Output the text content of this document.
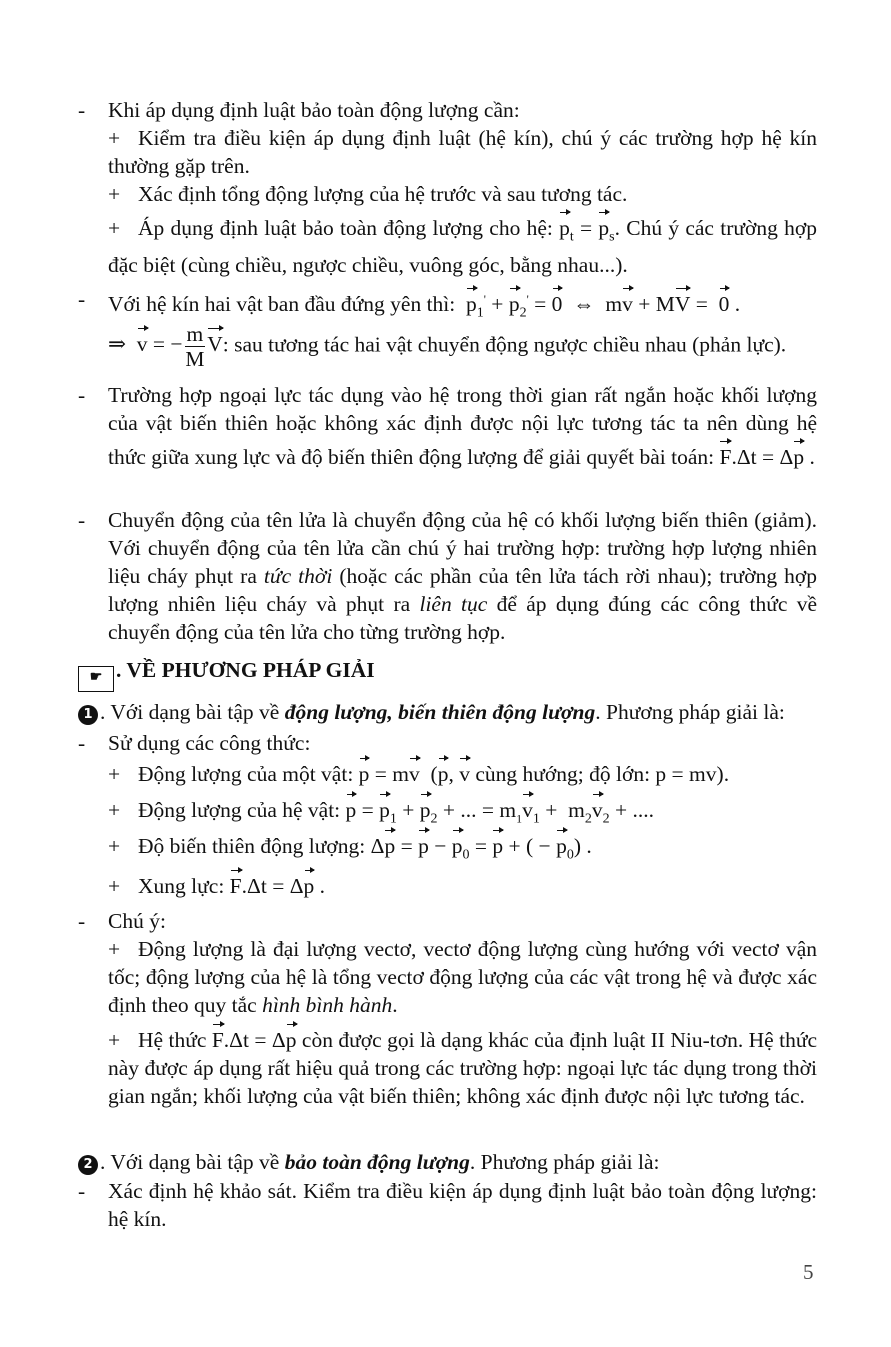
-	Khi áp dụng định luật bảo toàn động lượng cần:
+ Kiểm tra điều kiện áp dụng định luật (hệ kín), chú ý các trường hợp hệ kín thường gặp trên.
+ Xác định tổng động lượng của hệ trước và sau tương tác.
+ Áp dụng định luật bảo toàn động lượng cho hệ: $p_t = p_s$. Chú ý các trường hợp đặc biệt (cùng chiều, ngược chiều, vuông góc, bằng nhau...).
-	Với hệ kín hai vật ban đầu đứng yên thì: $p_1' + p_2' = 0$  ⇔  mv + MV =  0 .
⇒  v = − $\frac{m}{M} V$: sau tương tác hai vật chuyển động ngược chiều nhau (phản lực).
-	Trường hợp ngoại lực tác dụng vào hệ trong thời gian rất ngắn hoặc khối lượng của vật biến thiên hoặc không xác định được nội lực tương tác ta nên dùng hệ thức giữa xung lực và độ biến thiên động lượng để giải quyết bài toán: F.Δt = Δp .
-	Chuyển động của tên lửa là chuyển động của hệ có khối lượng biến thiên (giảm). Với chuyển động của tên lửa cần chú ý hai trường hợp: trường hợp lượng nhiên liệu cháy phụt ra tức thời (hoặc các phần của tên lửa tách rời nhau); trường hợp lượng nhiên liệu cháy và phụt ra liên tục để áp dụng đúng các công thức về chuyển động của tên lửa cho từng trường hợp.
☛ . VỀ PHƯƠNG PHÁP GIẢI
1 . Với dạng bài tập về động lượng, biến thiên động lượng. Phương pháp giải là:
-	Sử dụng các công thức:
+ Động lượng của một vật: p = mv  (p, v cùng hướng; độ lớn: p = mv).
+ Động lượng của hệ vật: $p = p_1 + p_2$ + ... = $m_1v_1 + m_2v_2$ + ....
+ Độ biến thiên động lượng: $\Delta p = p - p_0 = p$ + ( − $p_0$) .
+ Xung lực: F.Δt = Δp .
-	Chú ý:
+ Động lượng là đại lượng vectơ, vectơ động lượng cùng hướng với vectơ vận tốc; động lượng của hệ là tổng vectơ động lượng của các vật trong hệ và được xác định theo quy tắc hình bình hành.
+ Hệ thức F.Δt = Δp còn được gọi là dạng khác của định luật II Niu-tơn. Hệ thức này được áp dụng rất hiệu quả trong các trường hợp: ngoại lực tác dụng trong thời gian ngắn; khối lượng của vật biến thiên; không xác định được nội lực tương tác.
2 . Với dạng bài tập về bảo toàn động lượng. Phương pháp giải là:
-	Xác định hệ khảo sát. Kiểm tra điều kiện áp dụng định luật bảo toàn động lượng: hệ kín.
5
